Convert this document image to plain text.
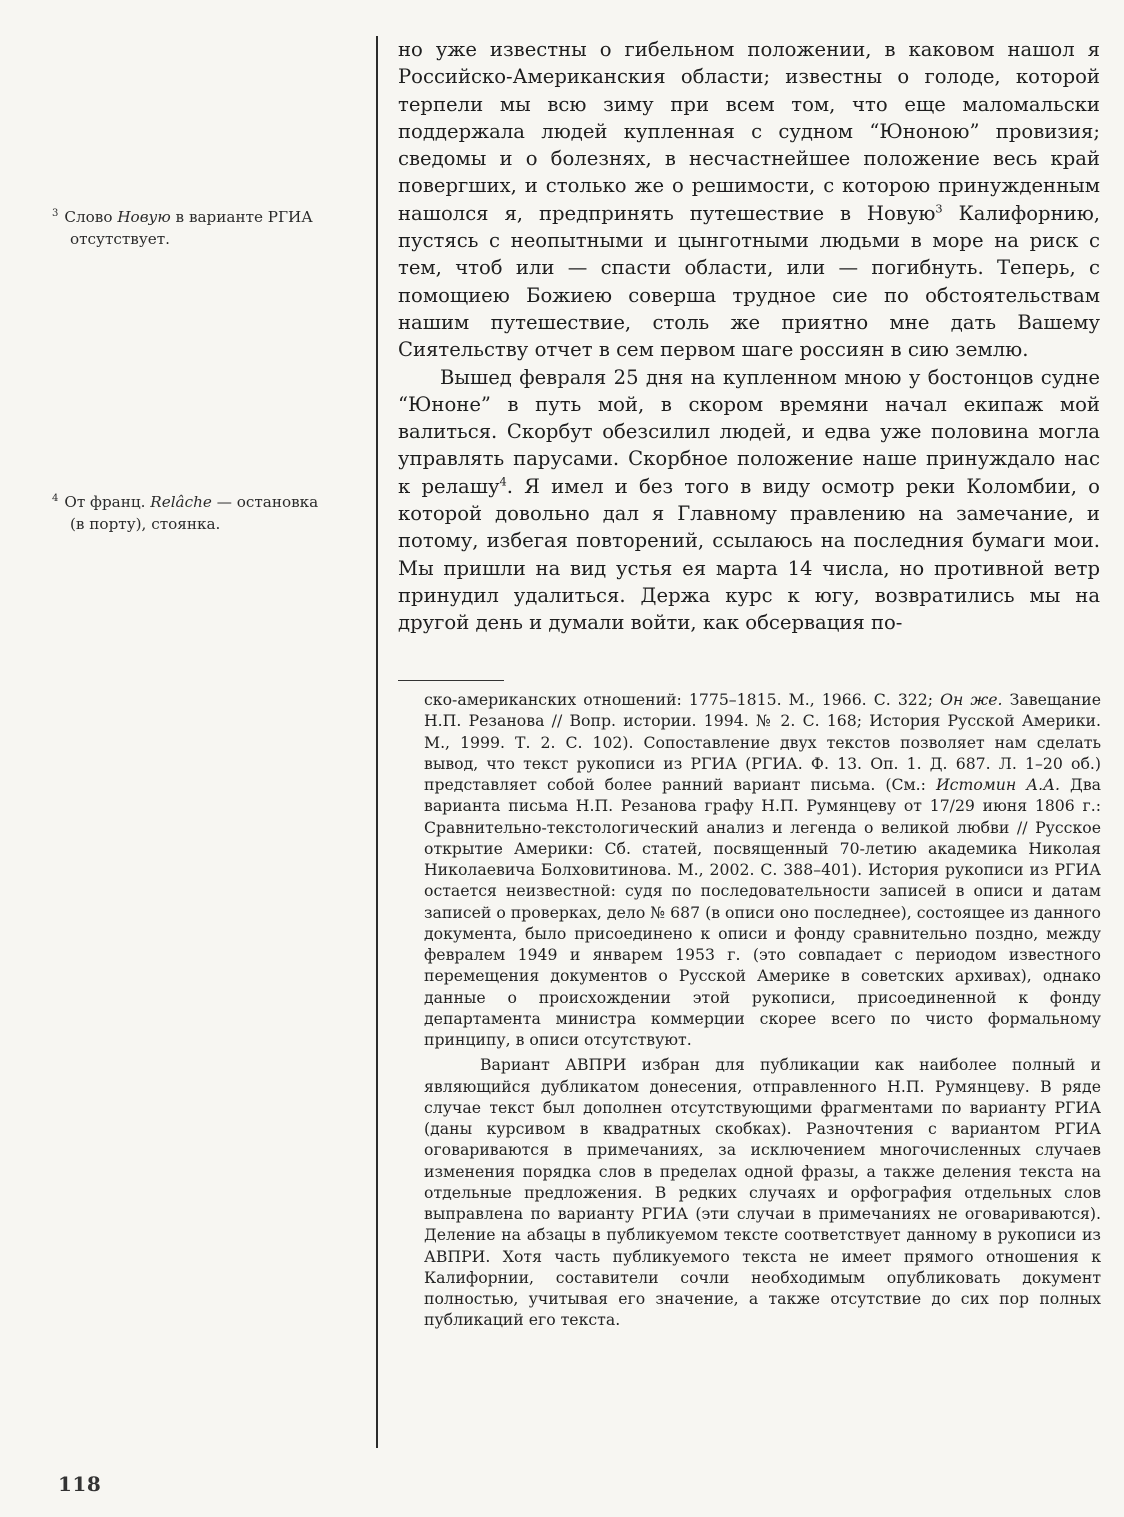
$^3$ Слово Новую в варианте РГИА
отсутствует.
$^4$ От франц. Relâche — остановка
(в порту), стоянка.

но уже известны о гибельном положении, в каковом нашол я Российско-Американския области; известны о голоде, которой терпели мы всю зиму при всем том, что еще маломальски поддержала людей купленная с судном “Юноною” провизия; сведомы и о болезнях, в несчастнейшее положение весь край повергших, и столько же о решимости, с которою принужденным нашолся я, предпринять путешествие в Новую$^3$ Калифорнию, пустясь с неопытными и цынготными людьми в море на риск с тем, чтоб или — спасти области, или — погибнуть. Теперь, с помощиею Божиею совершa трудное сие по обстоятельствам нашим путешествие, столь же приятно мне дать Вашему Сиятельству отчет в сем первом шаге россиян в сию землю.

Вышед февраля 25 дня на купленном мною у бостонцов судне “Юноне” в путь мой, в скором времяни начал екипаж мой валиться. Скорбут обезсилил людей, и едва уже половина могла управлять парусами. Скорбное положение наше принуждало нас к релашу$^4$. Я имел и без того в виду осмотр реки Коломбии, о которой довольно дал я Главному правлению на замечание, и потому, избегая повторений, ссылаюсь на последния бумаги мои. Мы пришли на вид устья ея марта 14 числа, но противной ветр принудил удалиться. Держа курс к югу, возвратились мы на другой день и думали войти, как обсервация по-

ско-американских отношений: 1775–1815. М., 1966. С. 322; Он же. Завещание Н.П. Резанова // Вопр. истории. 1994. № 2. С. 168; История Русской Америки. М., 1999. Т. 2. С. 102). Сопоставление двух текстов позволяет нам сделать вывод, что текст рукописи из РГИА (РГИА. Ф. 13. Оп. 1. Д. 687. Л. 1–20 об.) представляет собой более ранний вариант письма. (См.: Истомин А.А. Два варианта письма Н.П. Резанова графу Н.П. Румянцеву от 17/29 июня 1806 г.: Сравнительно-текстологический анализ и легенда о великой любви // Русское открытие Америки: Сб. статей, посвященный 70-летию академика Николая Николаевича Болховитинова. М., 2002. С. 388–401). История рукописи из РГИА остается неизвестной: судя по последовательности записей в описи и датам записей о проверках, дело № 687 (в описи оно последнее), состоящее из данного документа, было присоединено к описи и фонду сравнительно поздно, между февралем 1949 и январем 1953 г. (это совпадает с периодом известного перемещения документов о Русской Америке в советских архивах), однако данные о происхождении этой рукописи, присоединенной к фонду департамента министра коммерции скорее всего по чисто формальному принципу, в описи отсутствуют.

Вариант АВПРИ избран для публикации как наиболее полный и являющийся дубликатом донесения, отправленного Н.П. Румянцеву. В ряде случае текст был дополнен отсутствующими фрагментами по варианту РГИА (даны курсивом в квадратных скобках). Разночтения с вариантом РГИА оговариваются в примечаниях, за исключением многочисленных случаев изменения порядка слов в пределах одной фразы, а также деления текста на отдельные предложения. В редких случаях и орфография отдельных слов выправлена по варианту РГИА (эти случаи в примечаниях не оговариваются). Деление на абзацы в публикуемом тексте соответствует данному в рукописи из АВПРИ. Хотя часть публикуемого текста не имеет прямого отношения к Калифорнии, составители сочли необходимым опубликовать документ полностью, учитывая его значение, а также отсутствие до сих пор полных публикаций его текста.

118
